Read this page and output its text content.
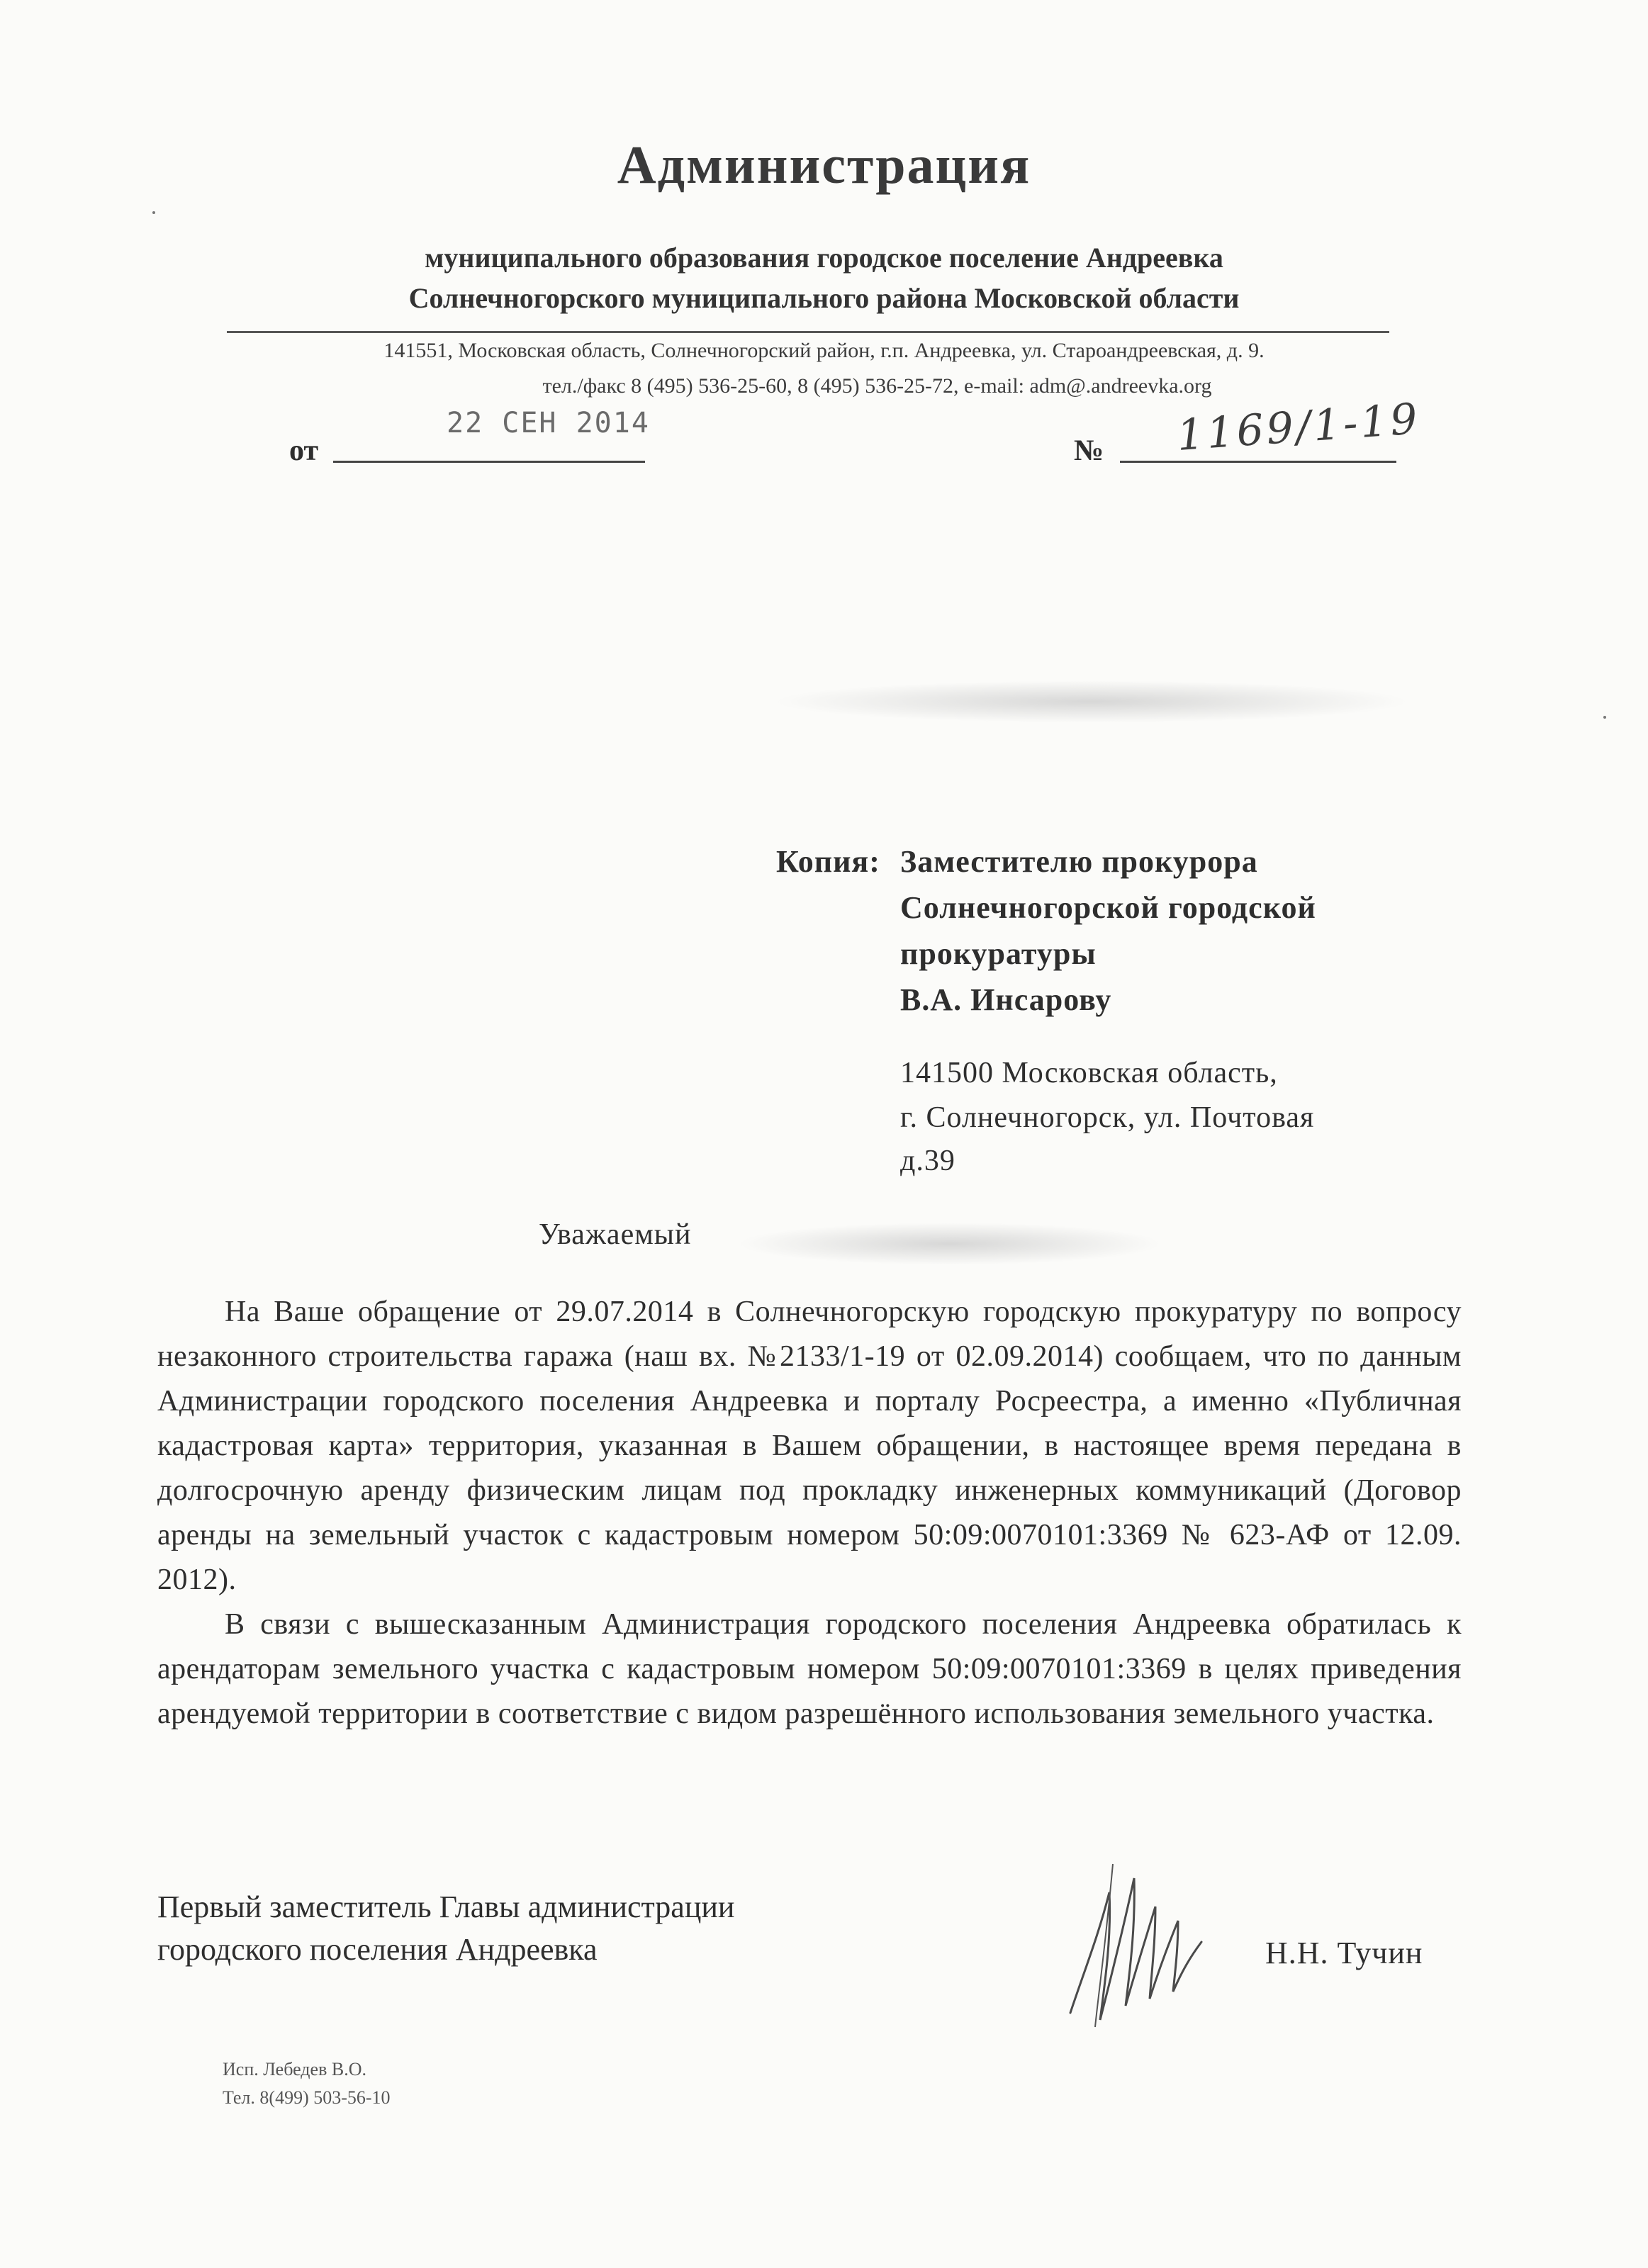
Администрация
муниципального образования городское поселение Андреевка
Солнечногорского муниципального района Московской области
141551, Московская область, Солнечногорский район, г.п. Андреевка, ул. Староандреевская, д. 9.
тел./факс 8 (495) 536-25-60, 8 (495) 536-25-72, e-mail: adm@.andreevka.org
от
22 СЕН 2014
№ 1169/1-19
Копия: Заместителю прокурора
Солнечногорской городской
прокуратуры
В.А. Инсарову
141500 Московская область,
г. Солнечногорск, ул. Почтовая
д.39
Уважаемый

На Ваше обращение от 29.07.2014 в Солнечногорскую городскую прокуратуру по вопросу незаконного строительства гаража (наш вх. №2133/1-19 от 02.09.2014) сообщаем, что по данным Администрации городского поселения Андреевка и порталу Росреестра, а именно «Публичная кадастровая карта» территория, указанная в Вашем обращении, в настоящее время передана в долгосрочную аренду физическим лицам под прокладку инженерных коммуникаций (Договор аренды на земельный участок с кадастровым номером 50:09:0070101:3369 № 623-АФ от 12.09. 2012).

В связи с вышесказанным Администрация городского поселения Андреевка обратилась к арендаторам земельного участка с кадастровым номером 50:09:0070101:3369 в целях приведения арендуемой территории в соответствие с видом разрешённого использования земельного участка.

Первый заместитель Главы администрации
городского поселения Андреевка	Н.Н. Тучин
Исп. Лебедев В.О.
Тел. 8(499) 503-56-10
